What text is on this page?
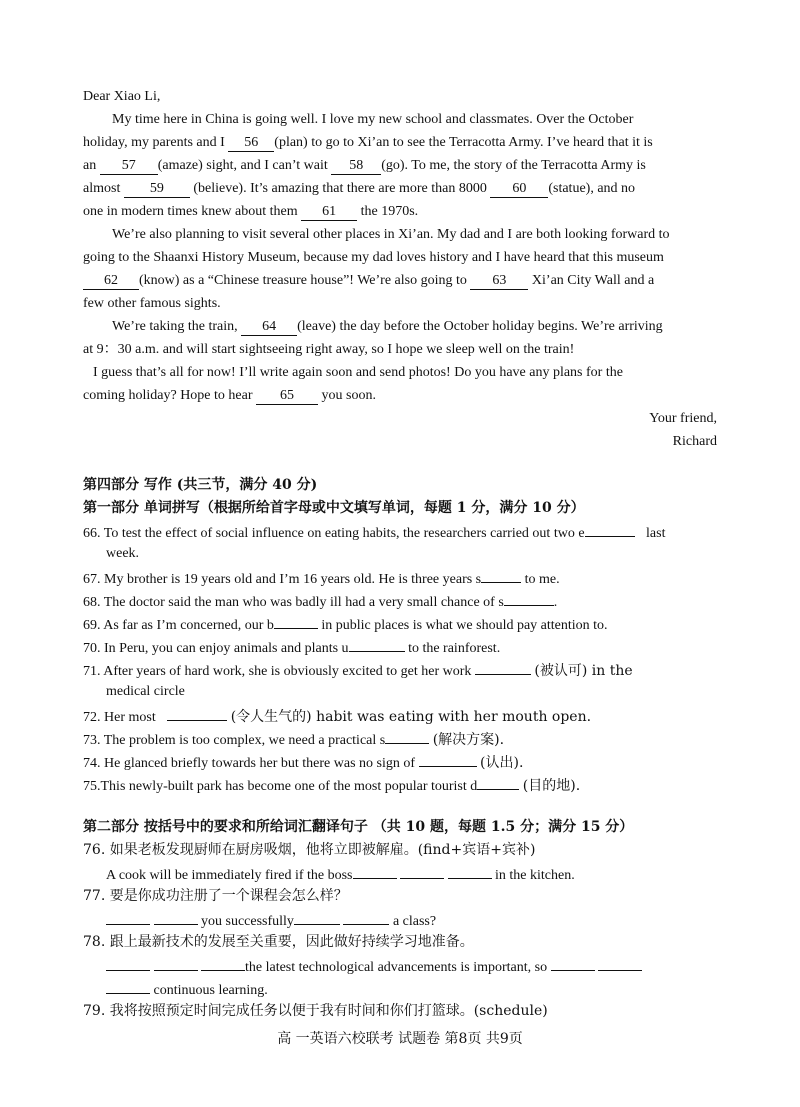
Dear Xiao Li,
My time here in China is going well. I love my new school and classmates. Over the October
holiday, my parents and I 56 (plan) to go to Xi’an to see the Terracotta Army. I’ve heard that it is
an 57 (amaze) sight, and I can’t wait 58 (go). To me, the story of the Terracotta Army is
almost 59 (believe). It’s amazing that there are more than 8000 60 (statue), and no
one in modern times knew about them 61 the 1970s.
We’re also planning to visit several other places in Xi’an. My dad and I are both looking forward to
going to the Shaanxi History Museum, because my dad loves history and I have heard that this museum
62 (know) as a “Chinese treasure house”! We’re also going to 63 Xi’an City Wall and a
few other famous sights.
We’re taking the train, 64 (leave) the day before the October holiday begins. We’re arriving
at 9：30 a.m. and will start sightseeing right away, so I hope we sleep well on the train!
I guess that’s all for now! I’ll write again soon and send photos! Do you have any plans for the
coming holiday? Hope to hear 65 you soon.
Your friend,
Richard
第四部分 写作 (共三节，满分 40 分)
第一部分 单词拼写（根据所给首字母或中文填写单词，每题 1 分，满分 10 分）
66. To test the effect of social influence on eating habits, the researchers carried out two e	last
week.
67. My brother is 19 years old and I’m 16 years old. He is three years s	to me.
68. The doctor said the man who was badly ill had a very small chance of s	.
69. As far as I’m concerned, our b	in public places is what we should pay attention to.
70. In Peru, you can enjoy animals and plants u	to the rainforest.
71. After years of hard work, she is obviously excited to get her work	(被认可) in the
medical circle
72. Her most	(令人生气的) habit was eating with her mouth open.
73. The problem is too complex, we need a practical s	(解决方案).
74. He glanced briefly towards her but there was no sign of	(认出).
75.This newly-built park has become one of the most popular tourist d	(目的地).
第二部分 按括号中的要求和所给词汇翻译句子 （共 10 题，每题 1.5 分；满分 15 分）
76. 如果老板发现厨师在厨房吸烟，他将立即被解雇。(find+宾语+宾补)
A cook will be immediately fired if the boss	in the kitchen.
77. 要是你成功注册了一个课程会怎么样？
you successfully	a class?
78. 跟上最新技术的发展至关重要，因此做好持续学习地准备。
the latest technological advancements is important, so
continuous learning.
79. 我将按照预定时间完成任务以便于我有时间和你们打篮球。(schedule)
高 一英语六校联考 试题卷 第8页 共9页
